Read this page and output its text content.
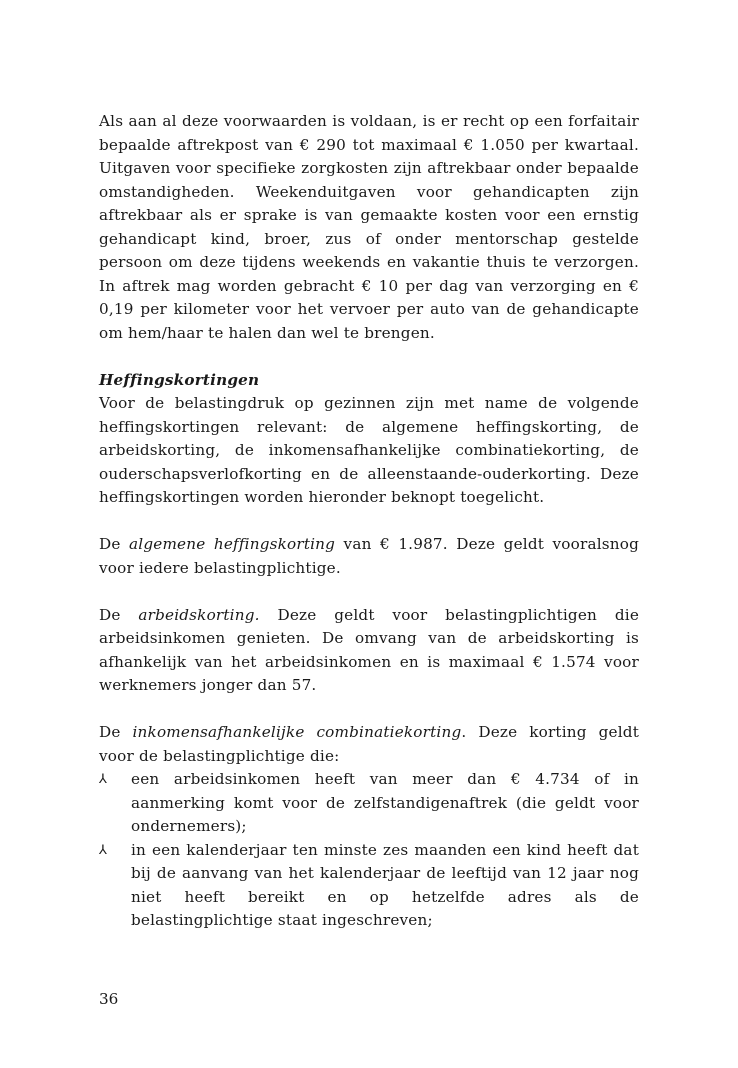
Als aan al deze voorwaarden is voldaan, is er recht op een forfaitair bepaalde aftrekpost van € 290 tot maximaal € 1.050 per kwartaal. Uitgaven voor specifieke zorgkosten zijn aftrekbaar onder bepaalde omstandigheden. Weekenduitgaven voor gehandicapten zijn aftrekbaar als er sprake is van gemaakte kosten voor een ernstig gehandicapt kind, broer, zus of onder mentorschap gestelde persoon om deze tijdens weekends en vakantie thuis te verzorgen. In aftrek mag worden gebracht € 10 per dag van verzorging en € 0,19 per kilometer voor het vervoer per auto van de gehandicapte om hem/haar te halen dan wel te brengen.

Heffingskortingen

Voor de belastingdruk op gezinnen zijn met name de volgende heffingskortingen relevant: de algemene heffingskorting, de arbeidskorting, de inkomensafhankelijke combinatiekorting, de ouderschapsverlofkorting en de alleenstaande-ouderkorting. Deze heffingskortingen worden hieronder beknopt toegelicht.

De algemene heffingskorting van € 1.987. Deze geldt vooralsnog voor iedere belastingplichtige.

De arbeidskorting. Deze geldt voor belastingplichtigen die arbeidsinkomen genieten. De omvang van de arbeidskorting is afhankelijk van het arbeidsinkomen en is maximaal € 1.574 voor werknemers jonger dan 57.

De inkomensafhankelijke combinatiekorting. Deze korting geldt voor de belastingplichtige die:

⅄ een arbeidsinkomen heeft van meer dan € 4.734 of in aanmerking komt voor de zelfstandigenaftrek (die geldt voor ondernemers);
⅄ in een kalenderjaar ten minste zes maanden een kind heeft dat bij de aanvang van het kalenderjaar de leeftijd van 12 jaar nog niet heeft bereikt en op hetzelfde adres als de belastingplichtige staat ingeschreven;
36
